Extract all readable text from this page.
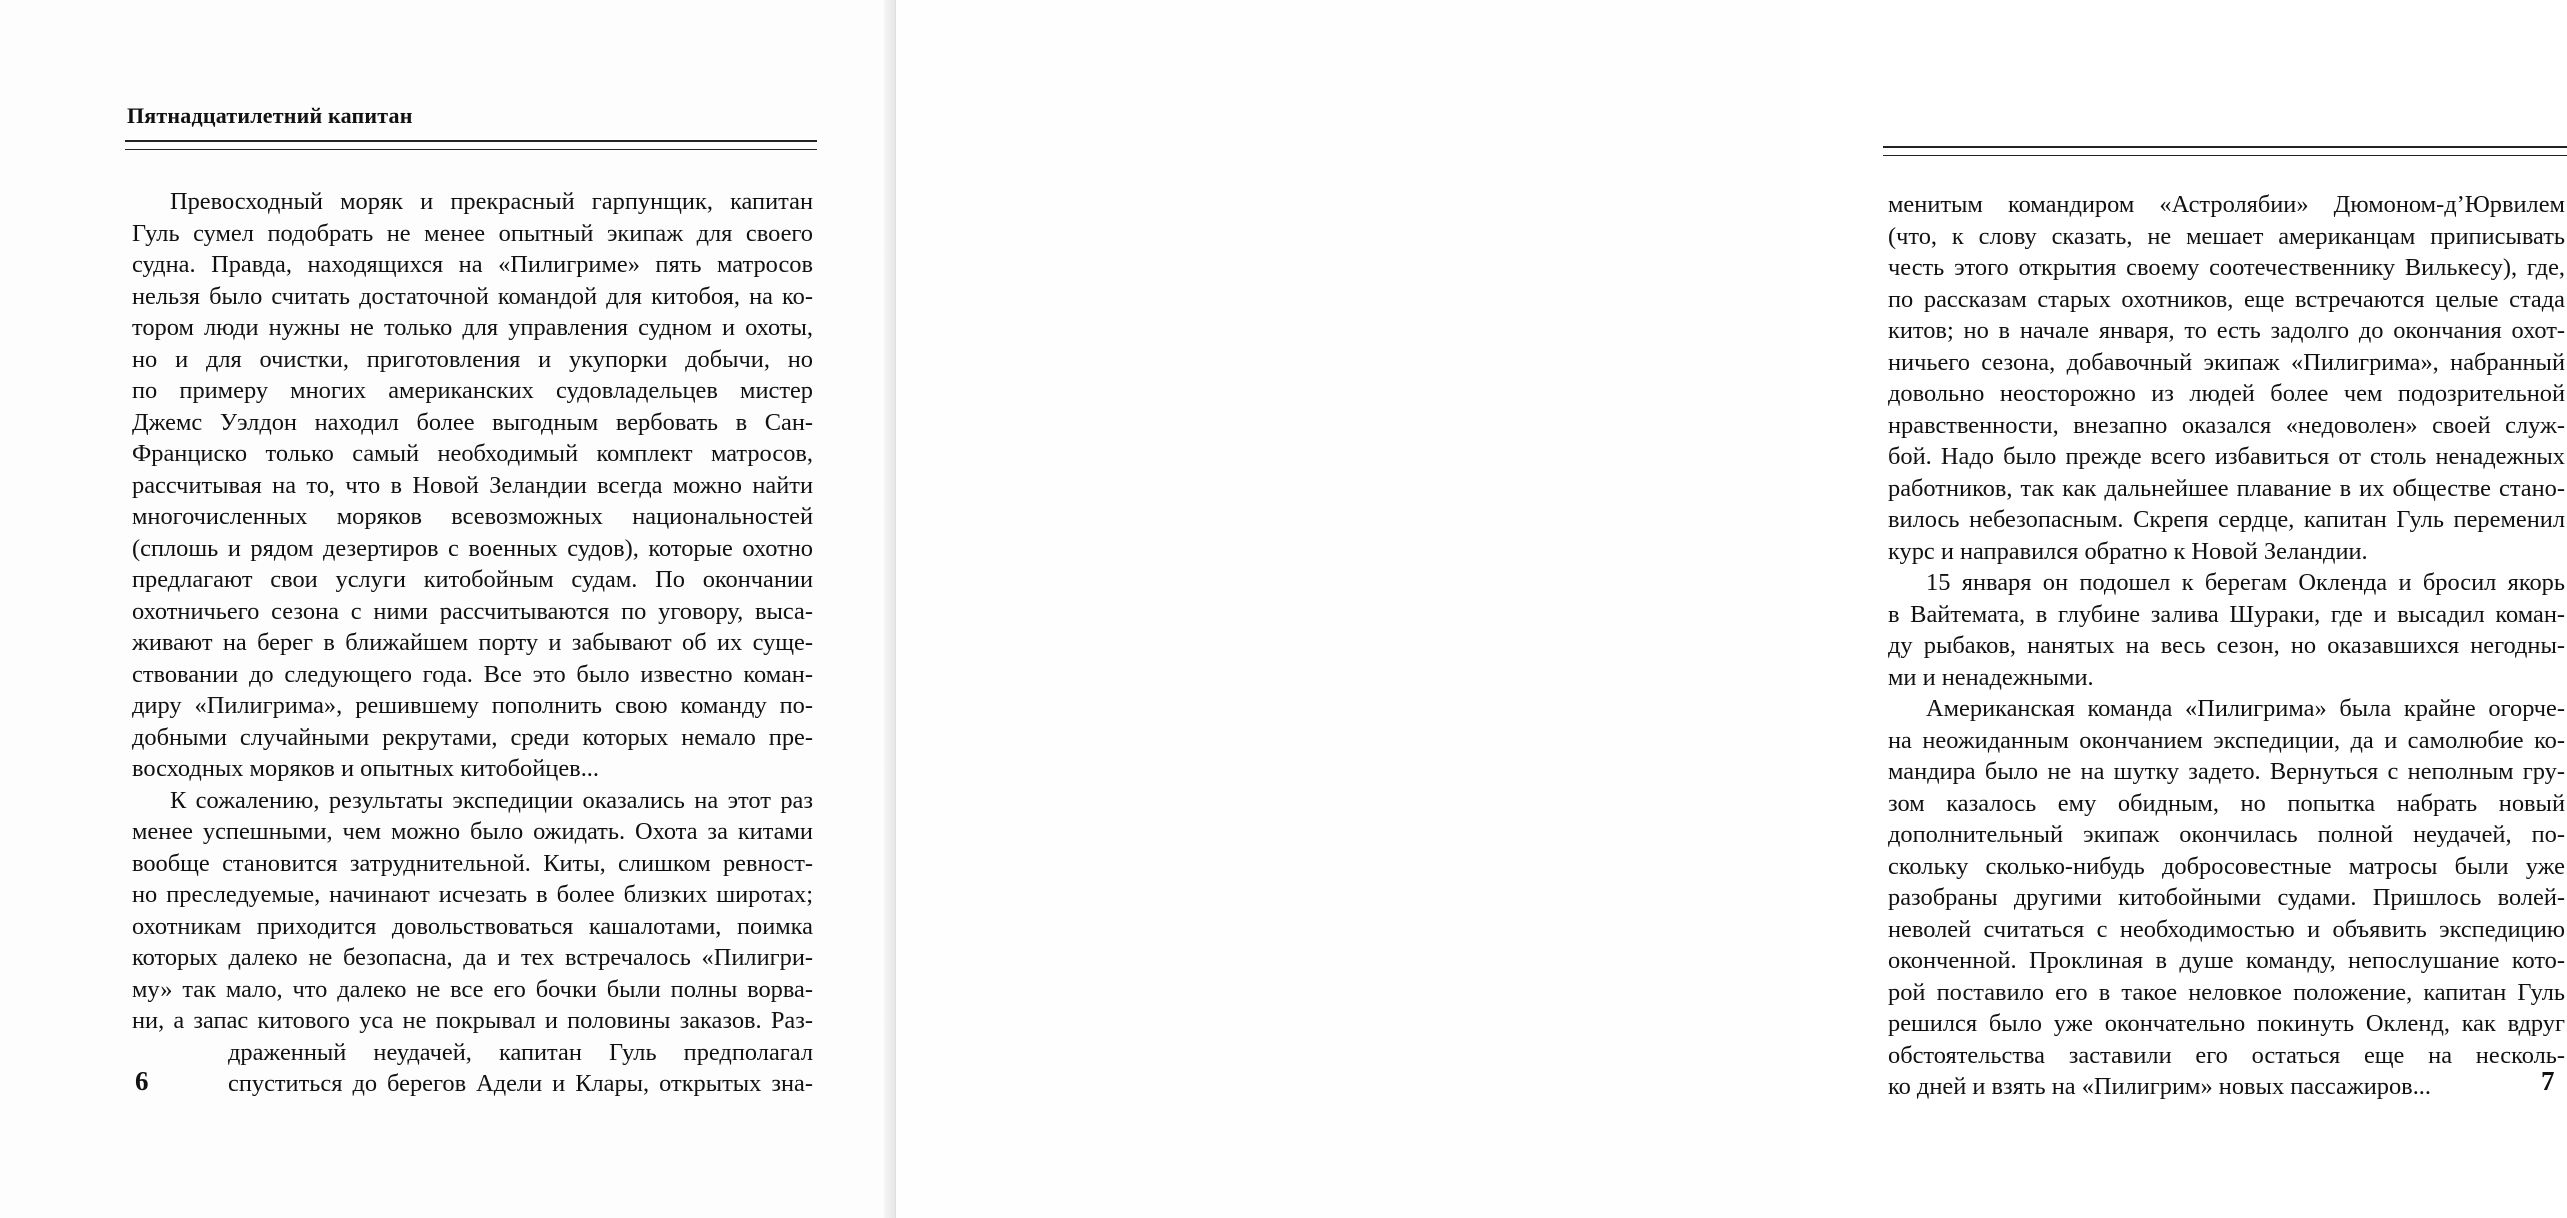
Пятнадцатилетний капитан
Превосходный моряк и прекрасный гарпунщик, капитан
Гуль сумел подобрать не менее опытный экипаж для своего
судна. Правда, находящихся на «Пилигриме» пять матросов
нельзя было считать достаточной командой для китобоя, на ко-
тором люди нужны не только для управления судном и охоты,
но и для очистки, приготовления и укупорки добычи, но
по примеру многих американских судовладельцев мистер
Джемс Уэлдон находил более выгодным вербовать в Сан-
Франциско только самый необходимый комплект матросов,
рассчитывая на то, что в Новой Зеландии всегда можно найти
многочисленных моряков всевозможных национальностей
(сплошь и рядом дезертиров с военных судов), которые охотно
предлагают свои услуги китобойным судам. По окончании
охотничьего сезона с ними рассчитываются по уговору, выса-
живают на берег в ближайшем порту и забывают об их суще-
ствовании до следующего года. Все это было известно коман-
диру «Пилигрима», решившему пополнить свою команду по-
добными случайными рекрутами, среди которых немало пре-
восходных моряков и опытных китобойцев...
К сожалению, результаты экспедиции оказались на этот раз
менее успешными, чем можно было ожидать. Охота за китами
вообще становится затруднительной. Киты, слишком ревност-
но преследуемые, начинают исчезать в более близких широтах;
охотникам приходится довольствоваться кашалотами, поимка
которых далеко не безопасна, да и тех встречалось «Пилигри-
му» так мало, что далеко не все его бочки были полны ворва-
ни, а запас китового уса не покрывал и половины заказов. Раз-
драженный неудачей, капитан Гуль предполагал
спуститься до берегов Адели и Клары, открытых зна-
6
менитым командиром «Астролябии» Дюмоном-д’Юрвилем
(что, к слову сказать, не мешает американцам приписывать
честь этого открытия своему соотечественнику Вилькесу), где,
по рассказам старых охотников, еще встречаются целые стада
китов; но в начале января, то есть задолго до окончания охот-
ничьего сезона, добавочный экипаж «Пилигрима», набранный
довольно неосторожно из людей более чем подозрительной
нравственности, внезапно оказался «недоволен» своей служ-
бой. Надо было прежде всего избавиться от столь ненадежных
работников, так как дальнейшее плавание в их обществе стано-
вилось небезопасным. Скрепя сердце, капитан Гуль переменил
курс и направился обратно к Новой Зеландии.
15 января он подошел к берегам Окленда и бросил якорь
в Вайтемата, в глубине залива Шураки, где и высадил коман-
ду рыбаков, нанятых на весь сезон, но оказавшихся негодны-
ми и ненадежными.
Американская команда «Пилигрима» была крайне огорче-
на неожиданным окончанием экспедиции, да и самолюбие ко-
мандира было не на шутку задето. Вернуться с неполным гру-
зом казалось ему обидным, но попытка набрать новый
дополнительный экипаж окончилась полной неудачей, по-
скольку сколько-нибудь добросовестные матросы были уже
разобраны другими китобойными судами. Пришлось волей-
неволей считаться с необходимостью и объявить экспедицию
оконченной. Проклиная в душе команду, непослушание кото-
рой поставило его в такое неловкое положение, капитан Гуль
решился было уже окончательно покинуть Окленд, как вдруг
обстоятельства заставили его остаться еще на несколь-
ко дней и взять на «Пилигрим» новых пассажиров...	7
